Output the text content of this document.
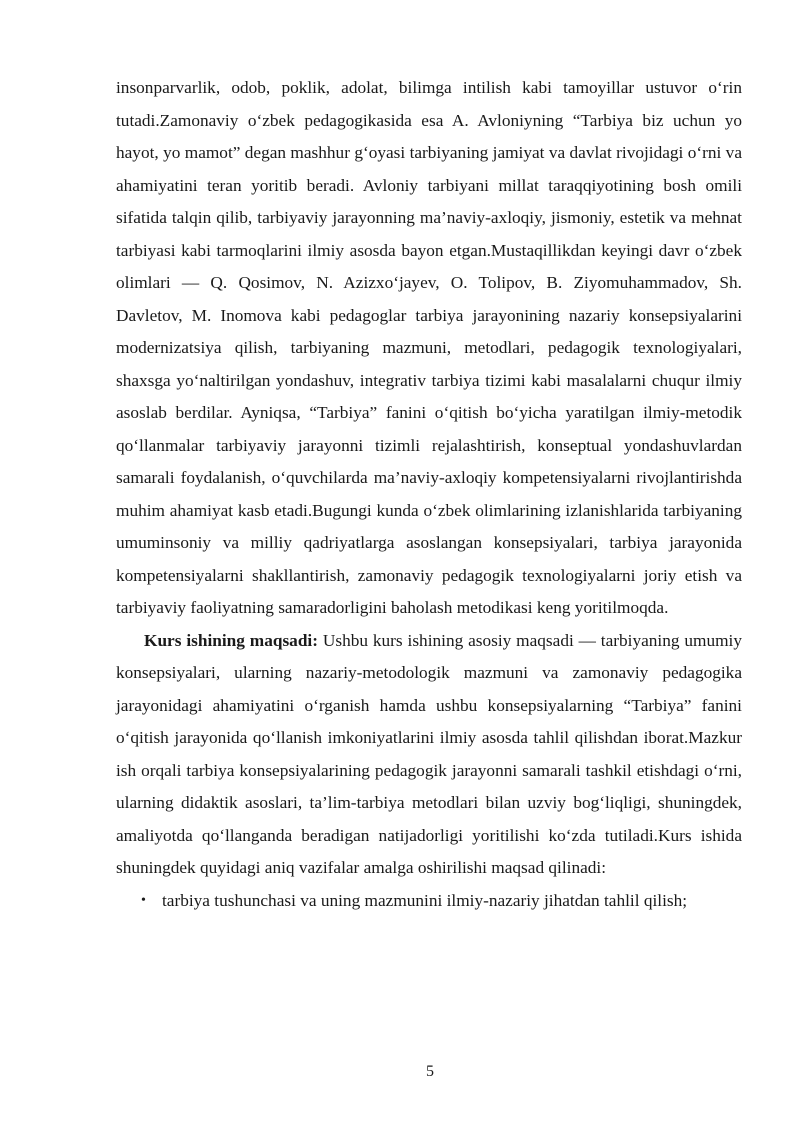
insonparvarlik, odob, poklik, adolat, bilimga intilish kabi tamoyillar ustuvor o‘rin tutadi.Zamonaviy o‘zbek pedagogikasida esa A. Avloniyning “Tarbiya biz uchun yo hayot, yo mamot” degan mashhur g‘oyasi tarbiyaning jamiyat va davlat rivojidagi o‘rni va ahamiyatini teran yoritib beradi. Avloniy tarbiyani millat taraqqiyotining bosh omili sifatida talqin qilib, tarbiyaviy jarayonning ma’naviy-axloqiy, jismoniy, estetik va mehnat tarbiyasi kabi tarmoqlarini ilmiy asosda bayon etgan.Mustaqillikdan keyingi davr o‘zbek olimlari — Q. Qosimov, N. Azizxo‘jayev, O. Tolipov, B. Ziyomuhammadov, Sh. Davletov, M. Inomova kabi pedagoglar tarbiya jarayonining nazariy konsepsiyalarini modernizatsiya qilish, tarbiyaning mazmuni, metodlari, pedagogik texnologiyalari, shaxsga yo‘naltirilgan yondashuv, integrativ tarbiya tizimi kabi masalalarni chuqur ilmiy asoslab berdilar. Ayniqsa, “Tarbiya” fanini o‘qitish bo‘yicha yaratilgan ilmiy-metodik qo‘llanmalar tarbiyaviy jarayonni tizimli rejalashtirish, konseptual yondashuvlardan samarali foydalanish, o‘quvchilarda ma’naviy-axloqiy kompetensiyalarni rivojlantirishda muhim ahamiyat kasb etadi.Bugungi kunda o‘zbek olimlarining izlanishlarida tarbiyaning umuminsoniy va milliy qadriyatlarga asoslangan konsepsiyalari, tarbiya jarayonida kompetensiyalarni shakllantirish, zamonaviy pedagogik texnologiyalarni joriy etish va tarbiyaviy faoliyatning samaradorligini baholash metodikasi keng yoritilmoqda.

Kurs ishining maqsadi: Ushbu kurs ishining asosiy maqsadi — tarbiyaning umumiy konsepsiyalari, ularning nazariy-metodologik mazmuni va zamonaviy pedagogika jarayonidagi ahamiyatini o‘rganish hamda ushbu konsepsiyalarning “Tarbiya” fanini o‘qitish jarayonida qo‘llanish imkoniyatlarini ilmiy asosda tahlil qilishdan iborat.Mazkur ish orqali tarbiya konsepsiyalarining pedagogik jarayonni samarali tashkil etishdagi o‘rni, ularning didaktik asoslari, ta’lim-tarbiya metodlari bilan uzviy bog‘liqligi, shuningdek, amaliyotda qo‘llanganda beradigan natijadorligi yoritilishi ko‘zda tutiladi.Kurs ishida shuningdek quyidagi aniq vazifalar amalga oshirilishi maqsad qilinadi:

• tarbiya tushunchasi va uning mazmunini ilmiy-nazariy jihatdan tahlil qilish;
5
